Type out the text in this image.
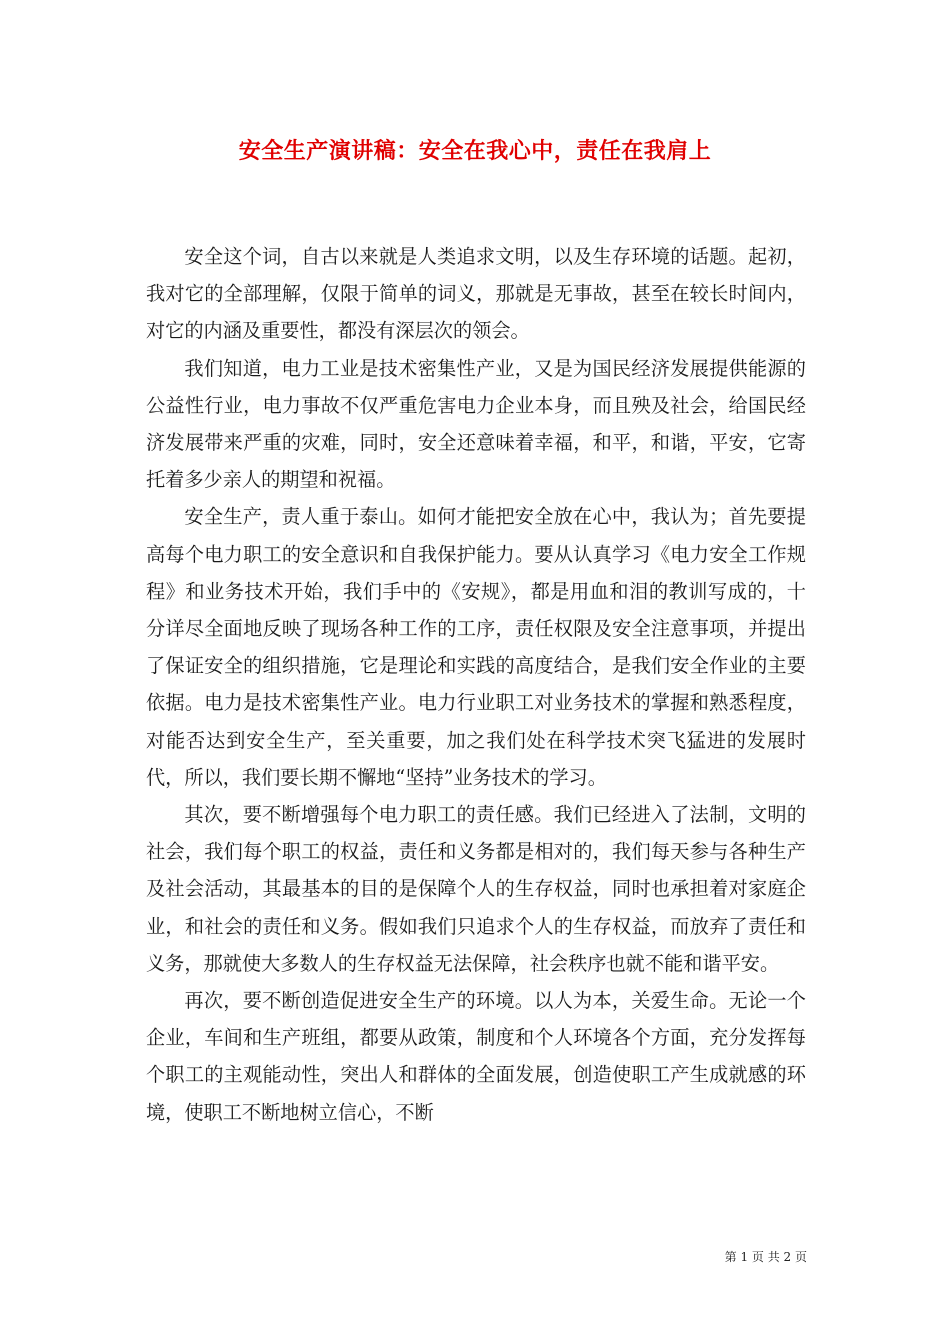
安全生产演讲稿：安全在我心中，责任在我肩上

安全这个词，自古以来就是人类追求文明，以及生存环境的话题。起初，我对它的全部理解，仅限于简单的词义，那就是无事故，甚至在较长时间内，对它的内涵及重要性，都没有深层次的领会。

我们知道，电力工业是技术密集性产业，又是为国民经济发展提供能源的公益性行业，电力事故不仅严重危害电力企业本身，而且殃及社会，给国民经济发展带来严重的灾难，同时，安全还意味着幸福，和平，和谐，平安，它寄托着多少亲人的期望和祝福。

安全生产，责人重于泰山。如何才能把安全放在心中，我认为；首先要提高每个电力职工的安全意识和自我保护能力。要从认真学习《电力安全工作规程》和业务技术开始，我们手中的《安规》，都是用血和泪的教训写成的，十分详尽全面地反映了现场各种工作的工序，责任权限及安全注意事项，并提出了保证安全的组织措施，它是理论和实践的高度结合，是我们安全作业的主要依据。电力是技术密集性产业。电力行业职工对业务技术的掌握和熟悉程度，对能否达到安全生产，至关重要，加之我们处在科学技术突飞猛进的发展时代，所以，我们要长期不懈地“坚持”业务技术的学习。

其次，要不断增强每个电力职工的责任感。我们已经进入了法制，文明的社会，我们每个职工的权益，责任和义务都是相对的，我们每天参与各种生产及社会活动，其最基本的目的是保障个人的生存权益，同时也承担着对家庭企业，和社会的责任和义务。假如我们只追求个人的生存权益，而放弃了责任和义务，那就使大多数人的生存权益无法保障，社会秩序也就不能和谐平安。

再次，要不断创造促进安全生产的环境。以人为本，关爱生命。无论一个企业，车间和生产班组，都要从政策，制度和个人环境各个方面，充分发挥每个职工的主观能动性，突出人和群体的全面发展，创造使职工产生成就感的环境，使职工不断地树立信心，不断

第 1 页 共 2 页
